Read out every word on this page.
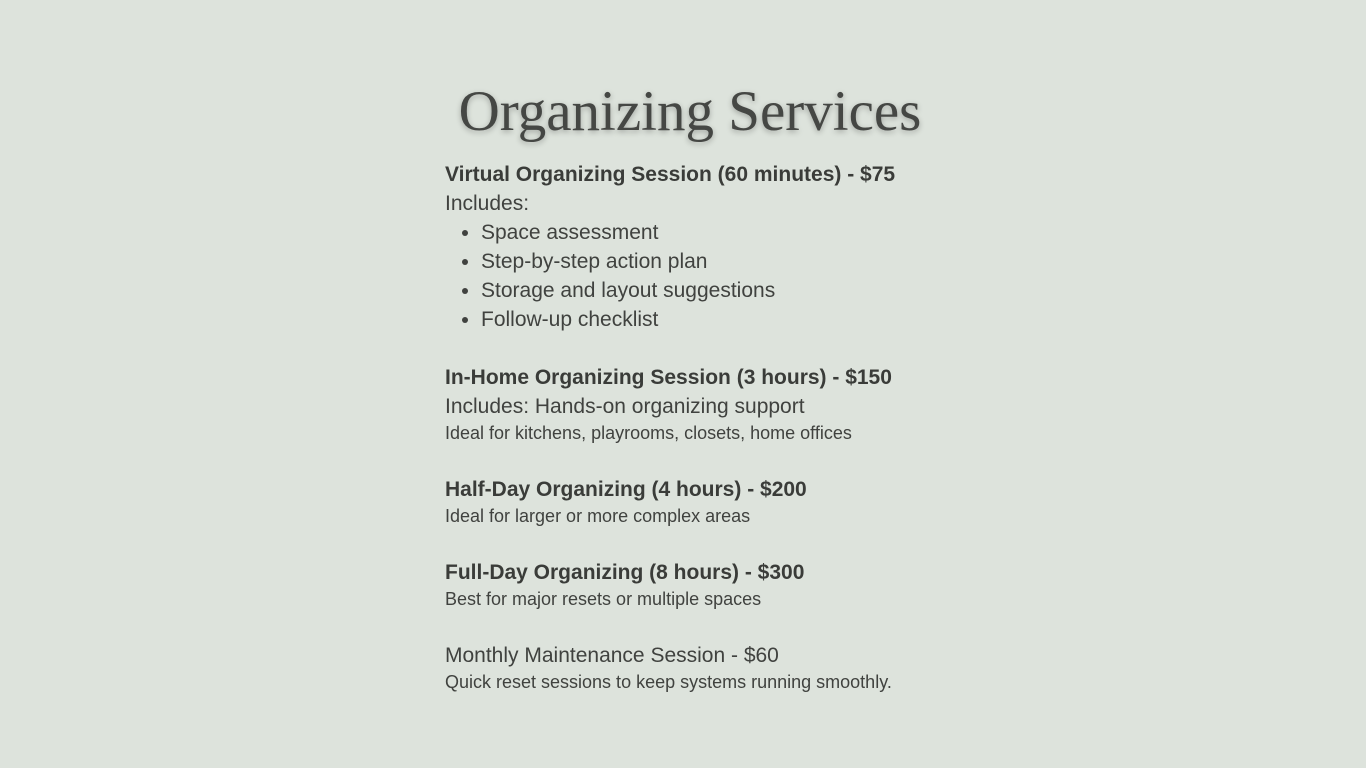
Organizing Services
Virtual Organizing Session (60 minutes) - $75
Includes:
• Space assessment
• Step-by-step action plan
• Storage and layout suggestions
• Follow-up checklist
In-Home Organizing Session (3 hours) - $150
Includes: Hands-on organizing support
Ideal for kitchens, playrooms, closets, home offices
Half-Day Organizing (4 hours) - $200
Ideal for larger or more complex areas
Full-Day Organizing (8 hours) - $300
Best for major resets or multiple spaces
Monthly Maintenance Session - $60
Quick reset sessions to keep systems running smoothly.
